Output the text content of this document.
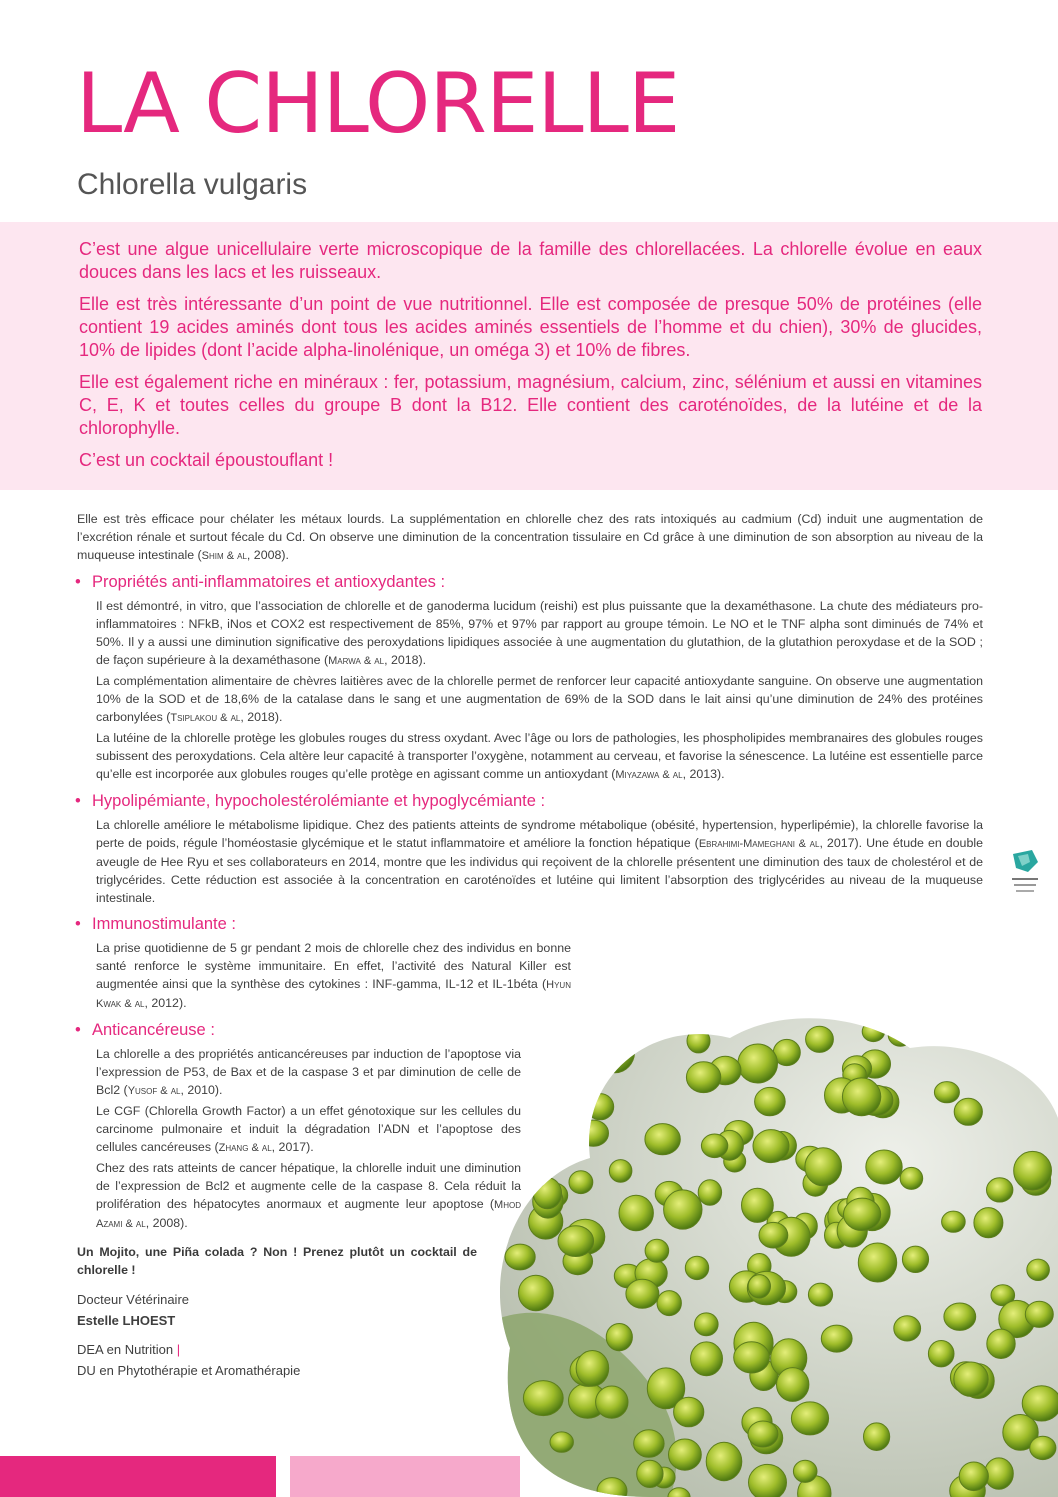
LA CHLORELLE
Chlorella vulgaris

C’est une algue unicellulaire verte microscopique de la famille des chlorellacées. La chlorelle évolue en eaux douces dans les lacs et les ruisseaux.

Elle est très intéressante d’un point de vue nutritionnel. Elle est composée de presque 50% de protéines (elle contient 19 acides aminés dont tous les acides aminés essentiels de l’homme et du chien), 30% de glucides, 10% de lipides (dont l’acide alpha-linolénique, un oméga 3) et 10% de fibres.

Elle est également riche en minéraux : fer, potassium, magnésium, calcium, zinc, sélénium et aussi en vitamines C, E, K et toutes celles du groupe B dont la B12. Elle contient des caroténoïdes, de la lutéine et de la chlorophylle.

C’est un cocktail époustouflant !

Elle est très efficace pour chélater les métaux lourds. La supplémentation en chlorelle chez des rats intoxiqués au cadmium (Cd) induit une augmentation de l’excrétion rénale et surtout fécale du Cd. On observe une diminution de la concentration tissulaire en Cd grâce à une diminution de son absorption au niveau de la muqueuse intestinale (Shim & al, 2008).

• Propriétés anti-inflammatoires et antioxydantes :

Il est démontré, in vitro, que l’association de chlorelle et de ganoderma lucidum (reishi) est plus puissante que la dexaméthasone. La chute des médiateurs pro-inflammatoires : NFkB, iNos et COX2 est respectivement de 85%, 97% et 97% par rapport au groupe témoin. Le NO et le TNF alpha sont diminués de 74% et 50%. Il y a aussi une diminution significative des peroxydations lipidiques associée à une augmentation du glutathion, de la glutathion peroxydase et de la SOD ; de façon supérieure à la dexaméthasone (Marwa & al, 2018).

La complémentation alimentaire de chèvres laitières avec de la chlorelle permet de renforcer leur capacité antioxydante sanguine. On observe une augmentation 10% de la SOD et de 18,6% de la catalase dans le sang et une augmentation de 69% de la SOD dans le lait ainsi qu’une diminution de 24% des protéines carbonylées (Tsiplakou & al, 2018).

La lutéine de la chlorelle protège les globules rouges du stress oxydant. Avec l’âge ou lors de pathologies, les phospholipides membranaires des globules rouges subissent des peroxydations. Cela altère leur capacité à transporter l’oxygène, notamment au cerveau, et favorise la sénescence. La lutéine est essentielle parce qu’elle est incorporée aux globules rouges qu’elle protège en agissant comme un antioxydant (Miyazawa & al, 2013).

• Hypolipémiante, hypocholestérolémiante et hypoglycémiante :

La chlorelle améliore le métabolisme lipidique. Chez des patients atteints de syndrome métabolique (obésité, hypertension, hyperlipémie), la chlorelle favorise la perte de poids, régule l’homéostasie glycémique et le statut inflammatoire et améliore la fonction hépatique (Ebrahimi-Mameghani & al, 2017). Une étude en double aveugle de Hee Ryu et ses collaborateurs en 2014, montre que les individus qui reçoivent de la chlorelle présentent une diminution des taux de cholestérol et de triglycérides. Cette réduction est associée à la concentration en caroténoïdes et lutéine qui limitent l’absorption des triglycérides au niveau de la muqueuse intestinale.

• Immunostimulante :

La prise quotidienne de 5 gr pendant 2 mois de chlorelle chez des individus en bonne santé renforce le système immunitaire. En effet, l’activité des Natural Killer est augmentée ainsi que la synthèse des cytokines : INF-gamma, IL-12 et IL-1béta (Hyun Kwak & al, 2012).

• Anticancéreuse :

La chlorelle a des propriétés anticancéreuses par induction de l’apoptose via l’expression de P53, de Bax et de la caspase 3 et par diminution de celle de Bcl2 (Yusof & al, 2010).

Le CGF (Chlorella Growth Factor) a un effet génotoxique sur les cellules du carcinome pulmonaire et induit la dégradation l’ADN et l’apoptose des cellules cancéreuses (Zhang & al, 2017).

Chez des rats atteints de cancer hépatique, la chlorelle induit une diminution de l’expression de Bcl2 et augmente celle de la caspase 8. Cela réduit la prolifération des hépatocytes anormaux et augmente leur apoptose (Mhod Azami & al, 2008).

Un Mojito, une Piña colada ? Non ! Prenez plutôt un cocktail de chlorelle !

Docteur Vétérinaire

Estelle LHOEST

DEA en Nutrition |

DU en Phytothérapie et Aromathérapie
